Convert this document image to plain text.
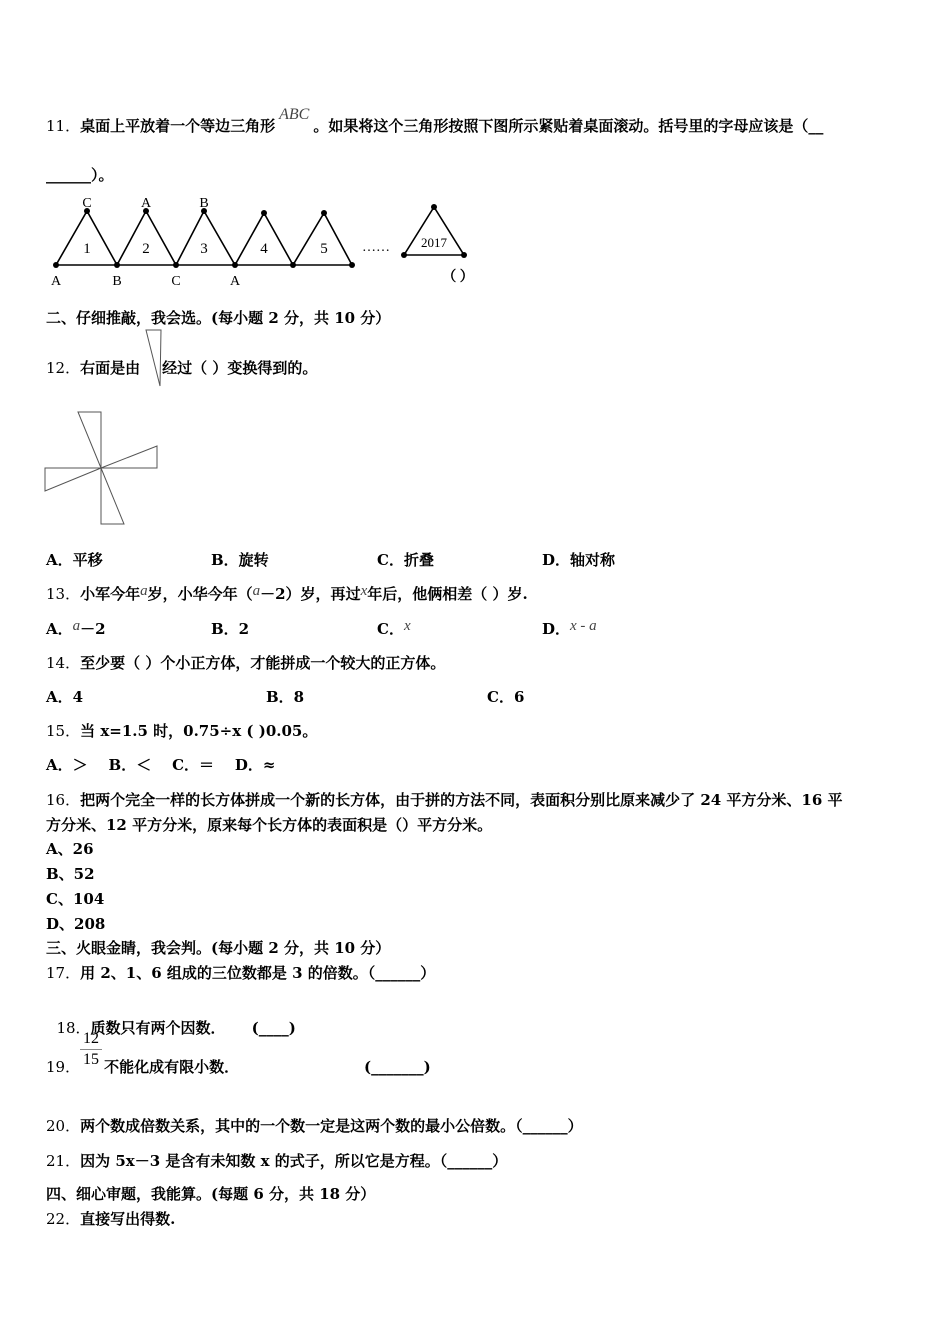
11．桌面上平放着一个等边三角形ABC。如果将这个三角形按照下图所示紧贴着桌面滚动。括号里的字母应该是（__
______）。
C	A	B
A	B	C	A
1	2	3	4	5 …… 2017
（ ）
二、仔细推敲，我会选。(每小题 2 分，共 10 分）
12．右面是由 经过（ ）变换得到的。
A．平移	B．旋转	C．折叠	D．轴对称
13．小军今年a岁，小华今年（a－2）岁，再过x年后，他俩相差（ ）岁.
A．a－2	B．2	C．x	D．x - a
14．至少要（ ）个小正方体，才能拼成一个较大的正方体。
A．4	B．8	C．6
15．当 x=1.5 时，0.75÷x ( )0.05。
A．＞    B．＜    C．＝    D．≈
16．把两个完全一样的长方体拼成一个新的长方体，由于拼的方法不同，表面积分别比原来减少了 24 平方分米、16 平
方分米、12 平方分米，原来每个长方体的表面积是（）平方分米。
A、26
B、52
C、104
D、208
三、火眼金睛，我会判。(每小题 2 分，共 10 分）
17．用 2、1、6 组成的三位数都是 3 的倍数。（______）

18．质数只有两个因数．     (____)

12
15
19． 不能化成有限小数．	(_______)
20．两个数成倍数关系，其中的一个数一定是这两个数的最小公倍数。（______）
21．因为 5x－3 是含有未知数 x 的式子，所以它是方程。（______）
四、细心审题，我能算。(每题 6 分，共 18 分）
22．直接写出得数.
